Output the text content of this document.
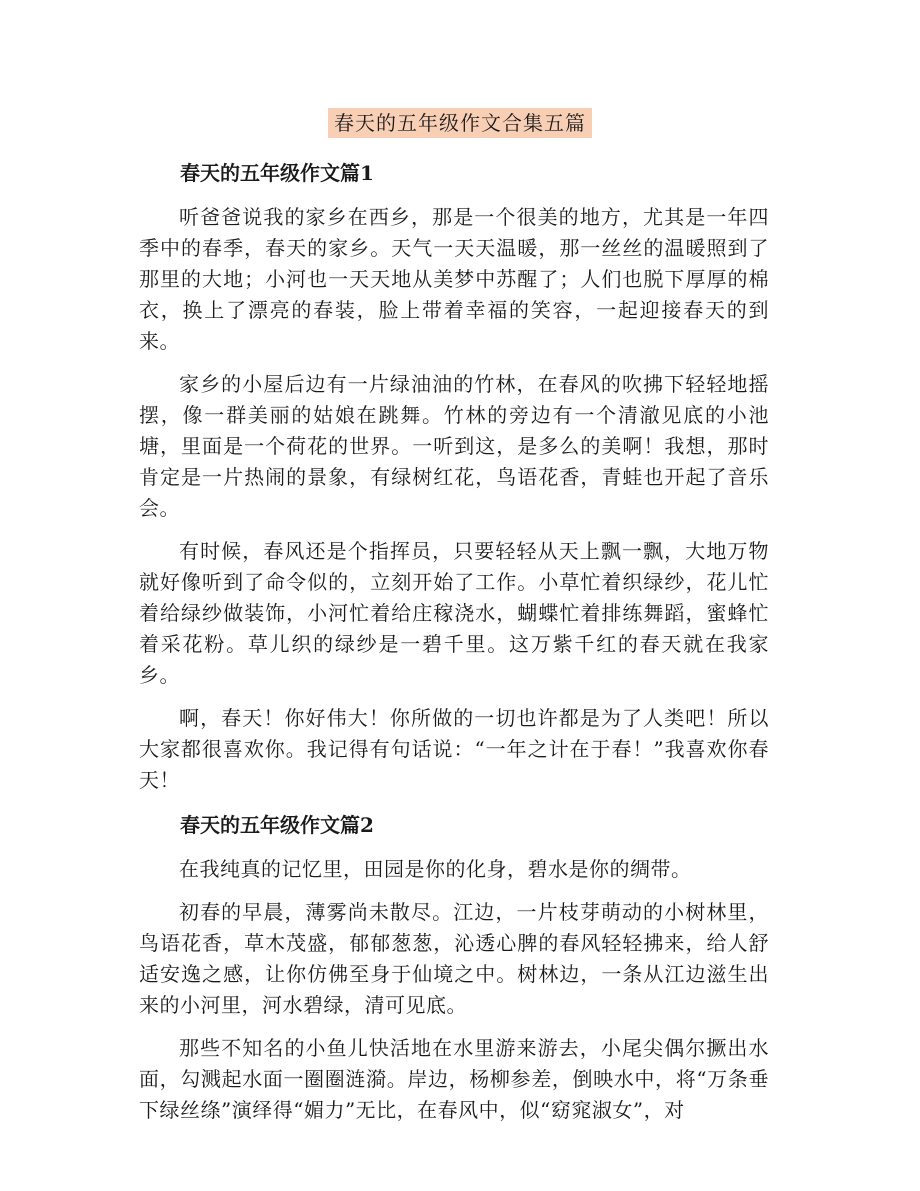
春天的五年级作文合集五篇
春天的五年级作文篇1

听爸爸说我的家乡在西乡，那是一个很美的地方，尤其是一年四季中的春季，春天的家乡。天气一天天温暖，那一丝丝的温暖照到了那里的大地；小河也一天天地从美梦中苏醒了；人们也脱下厚厚的棉衣，换上了漂亮的春装，脸上带着幸福的笑容，一起迎接春天的到来。

家乡的小屋后边有一片绿油油的竹林，在春风的吹拂下轻轻地摇摆，像一群美丽的姑娘在跳舞。竹林的旁边有一个清澈见底的小池塘，里面是一个荷花的世界。一听到这，是多么的美啊！我想，那时肯定是一片热闹的景象，有绿树红花，鸟语花香，青蛙也开起了音乐会。

有时候，春风还是个指挥员，只要轻轻从天上飘一飘，大地万物就好像听到了命令似的，立刻开始了工作。小草忙着织绿纱，花儿忙着给绿纱做装饰，小河忙着给庄稼浇水，蝴蝶忙着排练舞蹈，蜜蜂忙着采花粉。草儿织的绿纱是一碧千里。这万紫千红的春天就在我家乡。

啊，春天！你好伟大！你所做的一切也许都是为了人类吧！所以大家都很喜欢你。我记得有句话说：“一年之计在于春！”我喜欢你春天！

春天的五年级作文篇2

在我纯真的记忆里，田园是你的化身，碧水是你的绸带。

初春的早晨，薄雾尚未散尽。江边，一片枝芽萌动的小树林里，鸟语花香，草木茂盛，郁郁葱葱，沁透心脾的春风轻轻拂来，给人舒适安逸之感，让你仿佛至身于仙境之中。树林边，一条从江边滋生出来的小河里，河水碧绿，清可见底。

那些不知名的小鱼儿快活地在水里游来游去，小尾尖偶尔撅出水面，勾溅起水面一圈圈涟漪。岸边，杨柳参差，倒映水中，将“万条垂下绿丝绦”演绎得“媚力”无比，在春风中，似“窈窕淑女”，对
